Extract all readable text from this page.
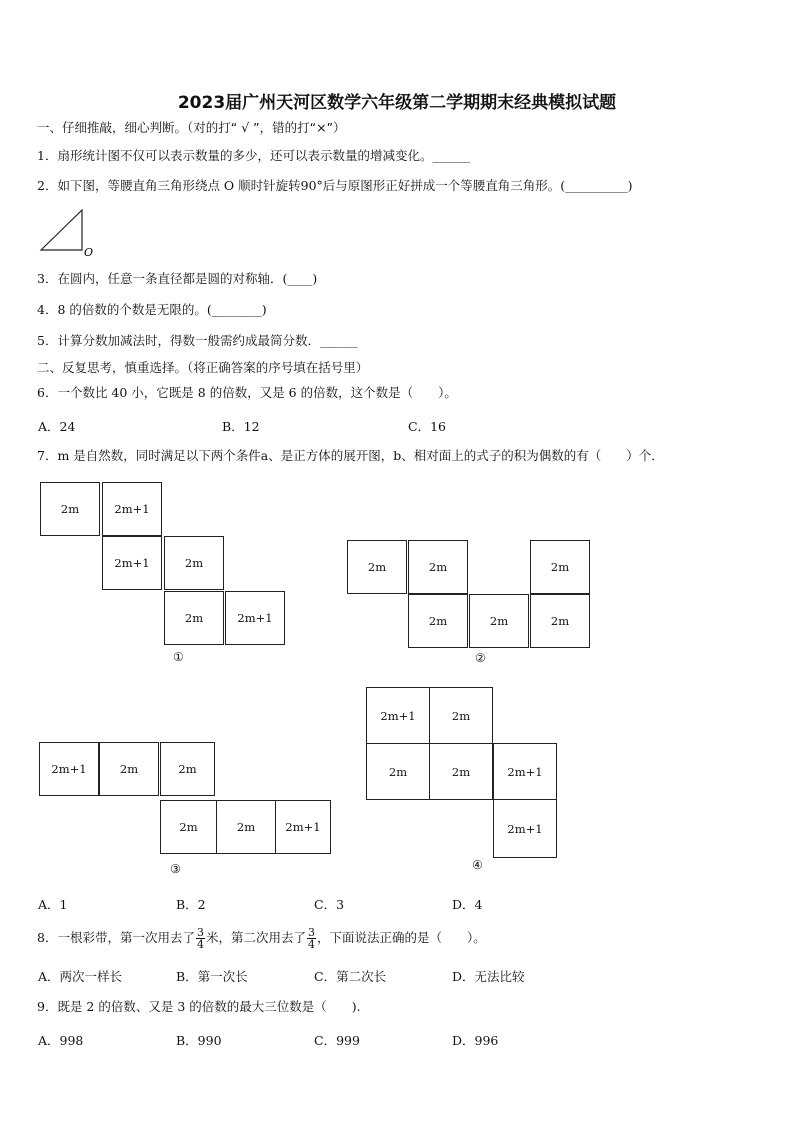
2023届广州天河区数学六年级第二学期期末经典模拟试题
一、仔细推敲，细心判断。（对的打“ √ ”，错的打“×”）
1．扇形统计图不仅可以表示数量的多少，还可以表示数量的增减变化。______
2．如下图，等腰直角三角形绕点 O 顺时针旋转90°后与原图形正好拼成一个等腰直角三角形。(__________)
O
3．在圆内，任意一条直径都是圆的对称轴．(____)
4．8 的倍数的个数是无限的。(________)
5．计算分数加减法时，得数一般需约成最简分数．______
二、反复思考，慎重选择。（将正确答案的序号填在括号里）
6．一个数比 40 小，它既是 8 的倍数，又是 6 的倍数，这个数是（　　）。
A．24	B．12	C．16
7．m 是自然数，同时满足以下两个条件a、是正方体的展开图，b、相对面上的式子的积为偶数的有（　　）个．
2m	2m+1
2m+1	2m
2m	2m+1
①
2m	2m	2m
2m	2m	2m
②
2m+1	2m	2m
2m	2m	2m+1
③
2m+1	2m
2m	2m	2m+1
2m+1
④
A．1	B．2	C．3	D．4
8．一根彩带，第一次用去了 $\frac{3}{4}$ 米，第二次用去了 $\frac{3}{4}$ ，下面说法正确的是（　　）。
A．两次一样长	B．第一次长	C．第二次长	D．无法比较
9．既是 2 的倍数、又是 3 的倍数的最大三位数是（　　).
A．998	B．990	C．999	D．996
